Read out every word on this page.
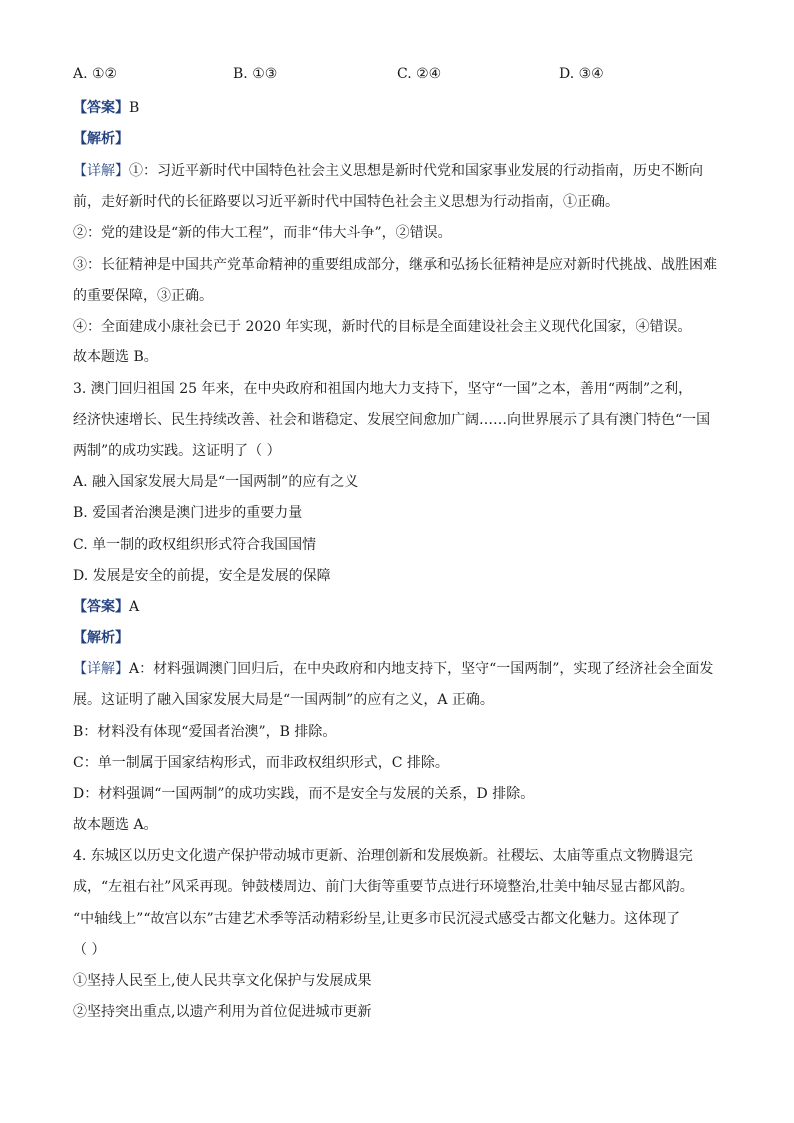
A. ①②	B. ①③	C. ②④	D. ③④
【答案】B
【解析】
【详解】①：习近平新时代中国特色社会主义思想是新时代党和国家事业发展的行动指南，历史不断向
前，走好新时代的长征路要以习近平新时代中国特色社会主义思想为行动指南，①正确。
②：党的建设是“新的伟大工程”，而非“伟大斗争”，②错误。
③：长征精神是中国共产党革命精神的重要组成部分，继承和弘扬长征精神是应对新时代挑战、战胜困难
的重要保障，③正确。
④：全面建成小康社会已于 2020 年实现，新时代的目标是全面建设社会主义现代化国家，④错误。
故本题选 B。
3. 澳门回归祖国 25 年来，在中央政府和祖国内地大力支持下，坚守“一国”之本，善用“两制”之利，
经济快速增长、民生持续改善、社会和谐稳定、发展空间愈加广阔……向世界展示了具有澳门特色“一国
两制”的成功实践。这证明了（ ）
A. 融入国家发展大局是“一国两制”的应有之义
B. 爱国者治澳是澳门进步的重要力量
C. 单一制的政权组织形式符合我国国情
D. 发展是安全的前提，安全是发展的保障
【答案】A
【解析】
【详解】A：材料强调澳门回归后，在中央政府和内地支持下，坚守“一国两制”，实现了经济社会全面发
展。这证明了融入国家发展大局是“一国两制”的应有之义，A 正确。
B：材料没有体现“爱国者治澳”，B 排除。
C：单一制属于国家结构形式，而非政权组织形式，C 排除。
D：材料强调“一国两制”的成功实践，而不是安全与发展的关系，D 排除。
故本题选 A。
4. 东城区以历史文化遗产保护带动城市更新、治理创新和发展焕新。社稷坛、太庙等重点文物腾退完
成，“左祖右社”风采再现。钟鼓楼周边、前门大街等重要节点进行环境整治,壮美中轴尽显古都风韵。
“中轴线上”“故宫以东”古建艺术季等活动精彩纷呈,让更多市民沉浸式感受古都文化魅力。这体现了
（ ）
①坚持人民至上,使人民共享文化保护与发展成果
②坚持突出重点,以遗产利用为首位促进城市更新
